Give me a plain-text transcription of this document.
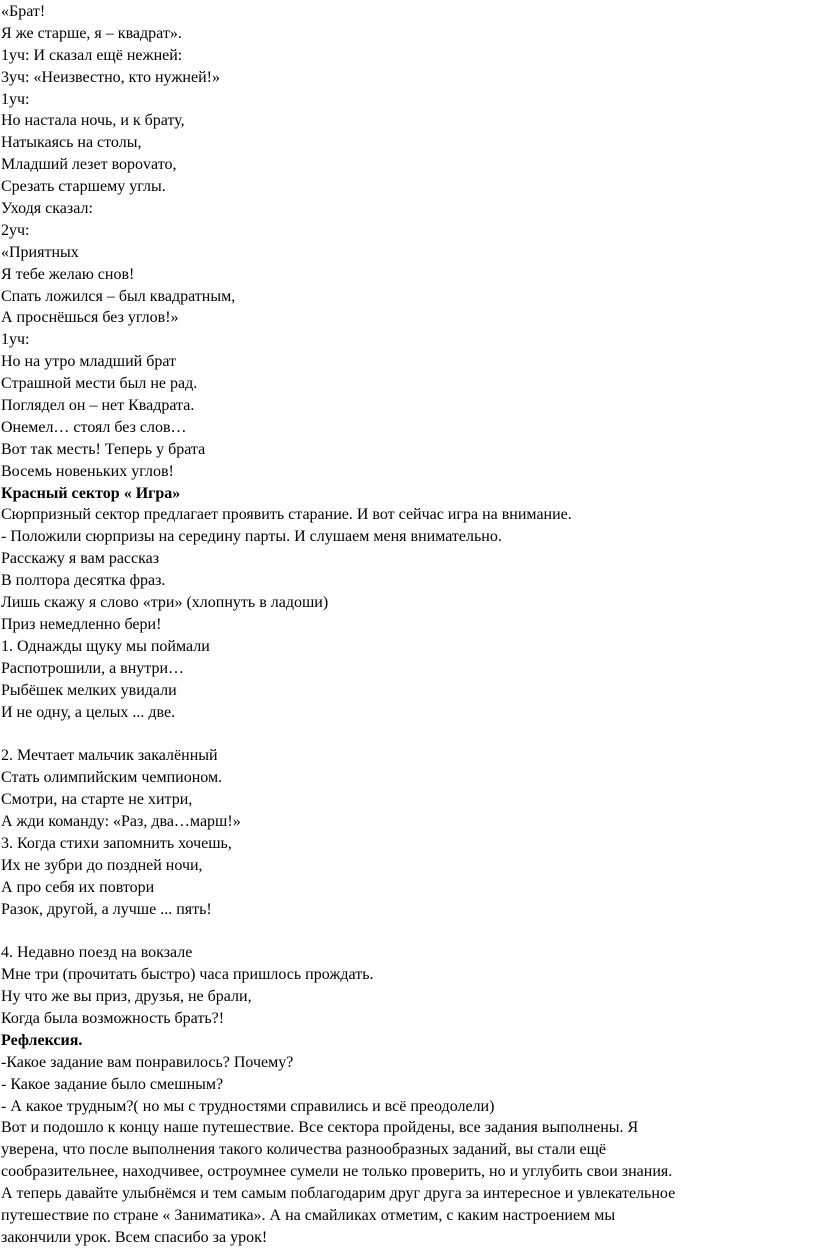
«Брат!
Я же старше, я – квадрат».
1уч: И сказал ещё нежней:
3уч: «Неизвестно, кто нужней!»
1уч:
Но настала ночь, и к брату,
Натыкаясь на столы,
Младший лезет ворovато,
Срезать старшему углы.
Уходя сказал:
2уч:
«Приятных
Я тебе желаю снов!
Спать ложился – был квадратным,
А проснёшься без углов!»
1уч:
Но на утро младший брат
Страшной мести был не рад.
Поглядел он – нет Квадрата.
Онемел… стоял без слов…
Вот так месть! Теперь у брата
Восемь новеньких углов!
Красный сектор « Игра»
Сюрпризный сектор предлагает проявить старание. И вот сейчас игра на внимание.
- Положили сюрпризы на середину парты. И слушаем меня внимательно.
Расскажу я вам рассказ
В полтора десятка фраз.
Лишь скажу я слово «три» (хлопнуть в ладоши)
Приз немедленно бери!
1. Однажды щуку мы поймали
Распотрошили, а внутри…
Рыбёшек мелких увидали
И не одну, а целых ... две.
2. Мечтает мальчик закалённый
Стать олимпийским чемпионом.
Смотри, на старте не хитри,
А жди команду: «Раз, два…марш!»
3. Когда стихи запомнить хочешь,
Их не зубри до поздней ночи,
А про себя их повтори
Разок, другой, а лучше ... пять!
4. Недавно поезд на вокзале
Мне три (прочитать быстро) часа пришлось прождать.
Ну что же вы приз, друзья, не брали,
Когда была возможность брать?!
Рефлексия.
-Какое задание вам понравилось? Почему?
- Какое задание было смешным?
- А какое трудным?( но мы с трудностями справились и всё преодолели)
Вот и подошло к концу наше путешествие. Все сектора пройдены, все задания выполнены. Я
уверена, что после выполнения такого количества разнообразных заданий, вы стали ещё
сообразительнее, находчивее, остроумнее сумели не только проверить, но и углубить свои знания.
А теперь давайте улыбнёмся и тем самым поблагодарим друг друга за интересное и увлекательное
путешествие по стране « Заниматика». А на смайликах отметим, с каким настроением мы
закончили урок. Всем спасибо за урок!
